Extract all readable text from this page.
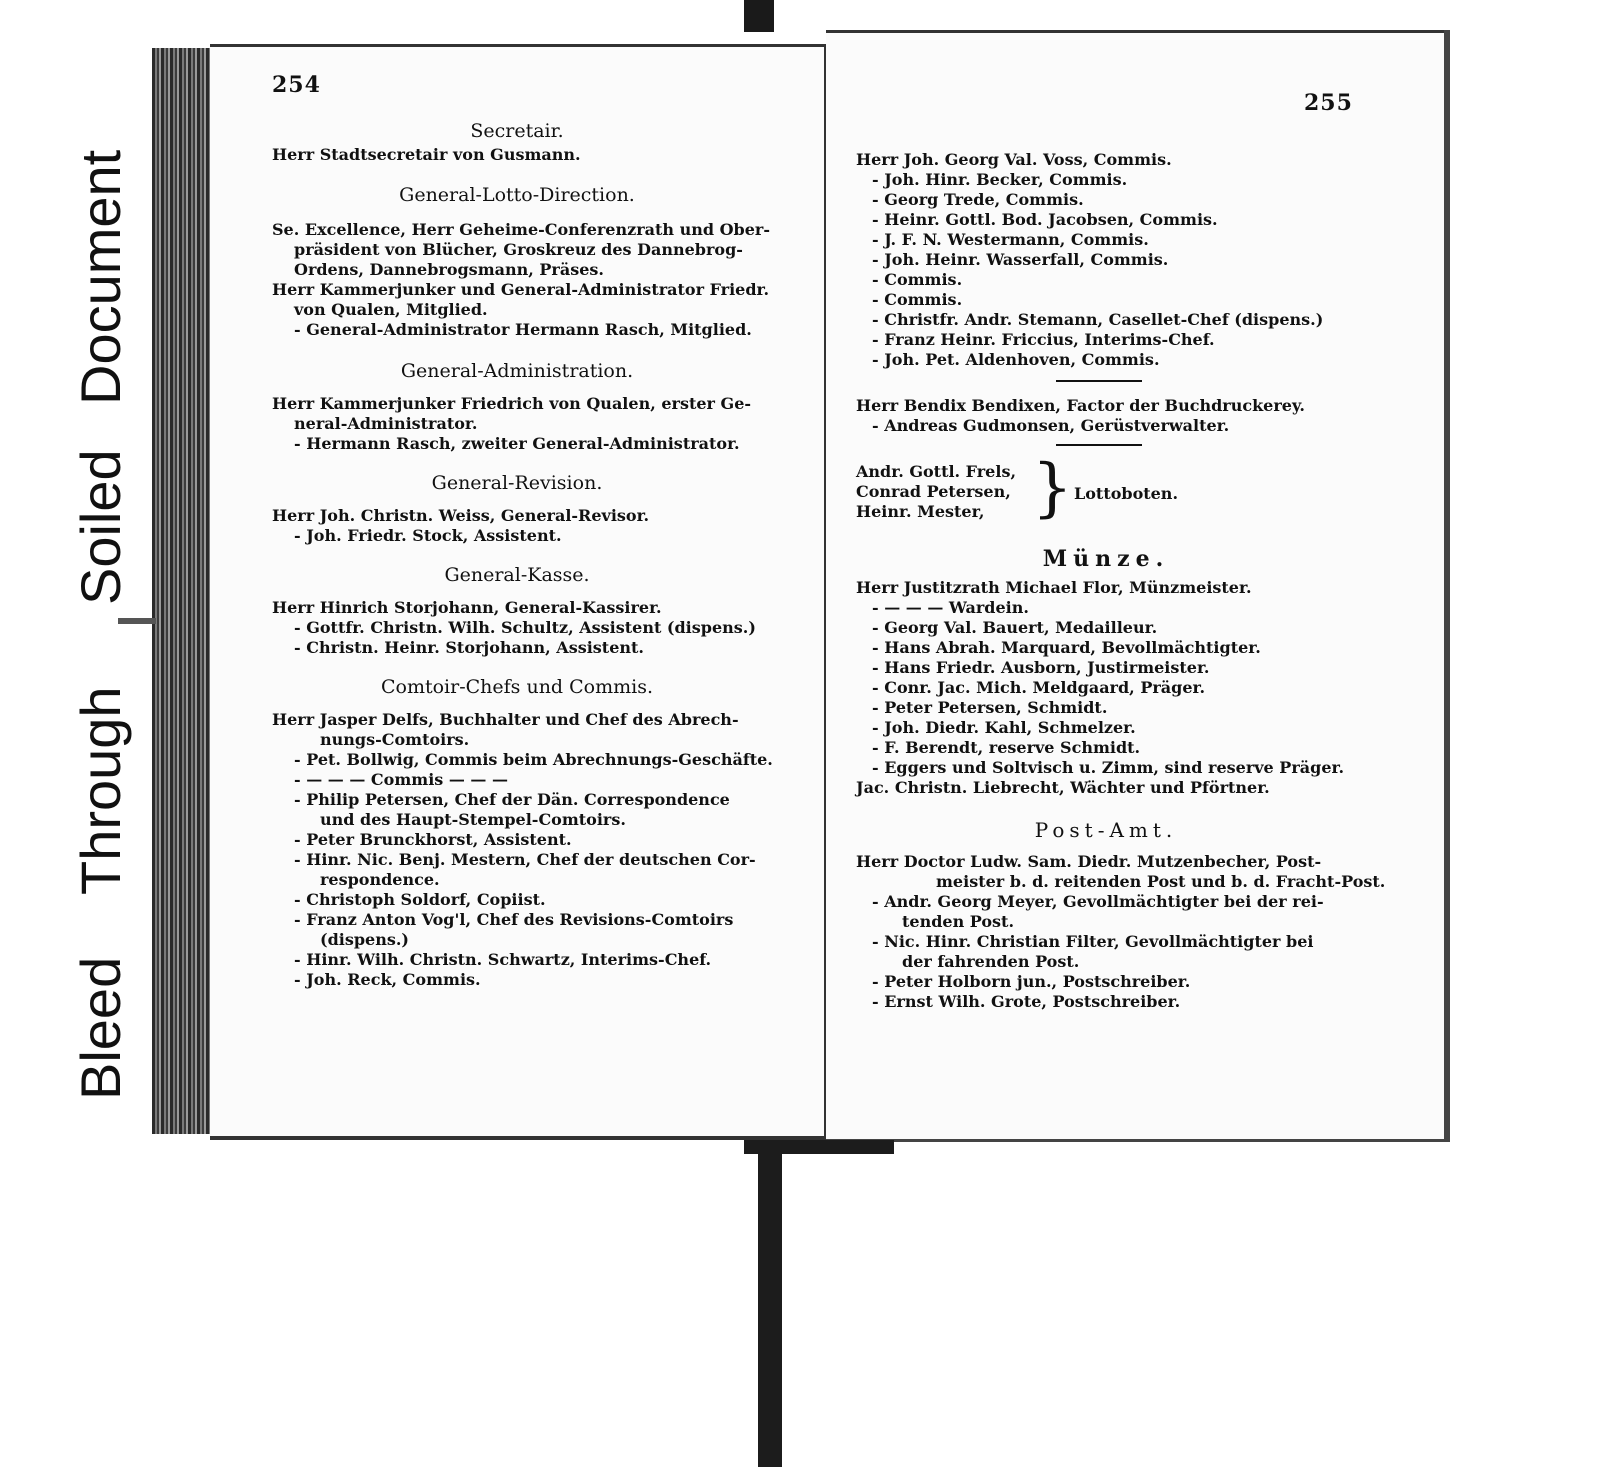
Bleed
Through
Soiled
Document
254
Secretair.
Herr Stadtsecretair von Gusmann.
General-Lotto-Direction.
Se. Excellence, Herr Geheime-Conferenzrath und Ober-
präsident von Blücher, Groskreuz des Dannebrog-
Ordens, Dannebrogsmann, Präses.
Herr Kammerjunker und General-Administrator Friedr.
von Qualen, Mitglied.
- General-Administrator Hermann Rasch, Mitglied.
General-Administration.
Herr Kammerjunker Friedrich von Qualen, erster Ge-
neral-Administrator.
- Hermann Rasch, zweiter General-Administrator.
General-Revision.
Herr Joh. Christn. Weiss, General-Revisor.
- Joh. Friedr. Stock, Assistent.
General-Kasse.
Herr Hinrich Storjohann, General-Kassirer.
- Gottfr. Christn. Wilh. Schultz, Assistent (dispens.)
- Christn. Heinr. Storjohann, Assistent.
Comtoir-Chefs und Commis.
Herr Jasper Delfs, Buchhalter und Chef des Abrech-
nungs-Comtoirs.
- Pet. Bollwig, Commis beim Abrechnungs-Geschäfte.
- — — — Commis — — —
- Philip Petersen, Chef der Dän. Correspondence
und des Haupt-Stempel-Comtoirs.
- Peter Brunckhorst, Assistent.
- Hinr. Nic. Benj. Mestern, Chef der deutschen Cor-
respondence.
- Christoph Soldorf, Copiist.
- Franz Anton Vog'l, Chef des Revisions-Comtoirs
(dispens.)
- Hinr. Wilh. Christn. Schwartz, Interims-Chef.
- Joh. Reck, Commis.
255
Herr Joh. Georg Val. Voss, Commis.
- Joh. Hinr. Becker, Commis.
- Georg Trede, Commis.
- Heinr. Gottl. Bod. Jacobsen, Commis.
- J. F. N. Westermann, Commis.
- Joh. Heinr. Wasserfall, Commis.
- Commis.
- Commis.
- Christfr. Andr. Stemann, Casellet-Chef (dispens.)
- Franz Heinr. Friccius, Interims-Chef.
- Joh. Pet. Aldenhoven, Commis.
Herr Bendix Bendixen, Factor der Buchdruckerey.
- Andreas Gudmonsen, Gerüstverwalter.
Andr. Gottl. Frels,
Conrad Petersen,
Heinr. Mester, } Lottoboten.
Münze.
Herr Justitzrath Michael Flor, Münzmeister.
- — — — Wardein.
- Georg Val. Bauert, Medailleur.
- Hans Abrah. Marquard, Bevollmächtigter.
- Hans Friedr. Ausborn, Justirmeister.
- Conr. Jac. Mich. Meldgaard, Präger.
- Peter Petersen, Schmidt.
- Joh. Diedr. Kahl, Schmelzer.
- F. Berendt, reserve Schmidt.
- Eggers und Soltvisch u. Zimm, sind reserve Präger.
Jac. Christn. Liebrecht, Wächter und Pförtner.
Post-Amt.
Herr Doctor Ludw. Sam. Diedr. Mutzenbecher, Post-
meister b. d. reitenden Post und b. d. Fracht-Post.
- Andr. Georg Meyer, Gevollmächtigter bei der rei-
tenden Post.
- Nic. Hinr. Christian Filter, Gevollmächtigter bei
der fahrenden Post.
- Peter Holborn jun., Postschreiber.
- Ernst Wilh. Grote, Postschreiber.
